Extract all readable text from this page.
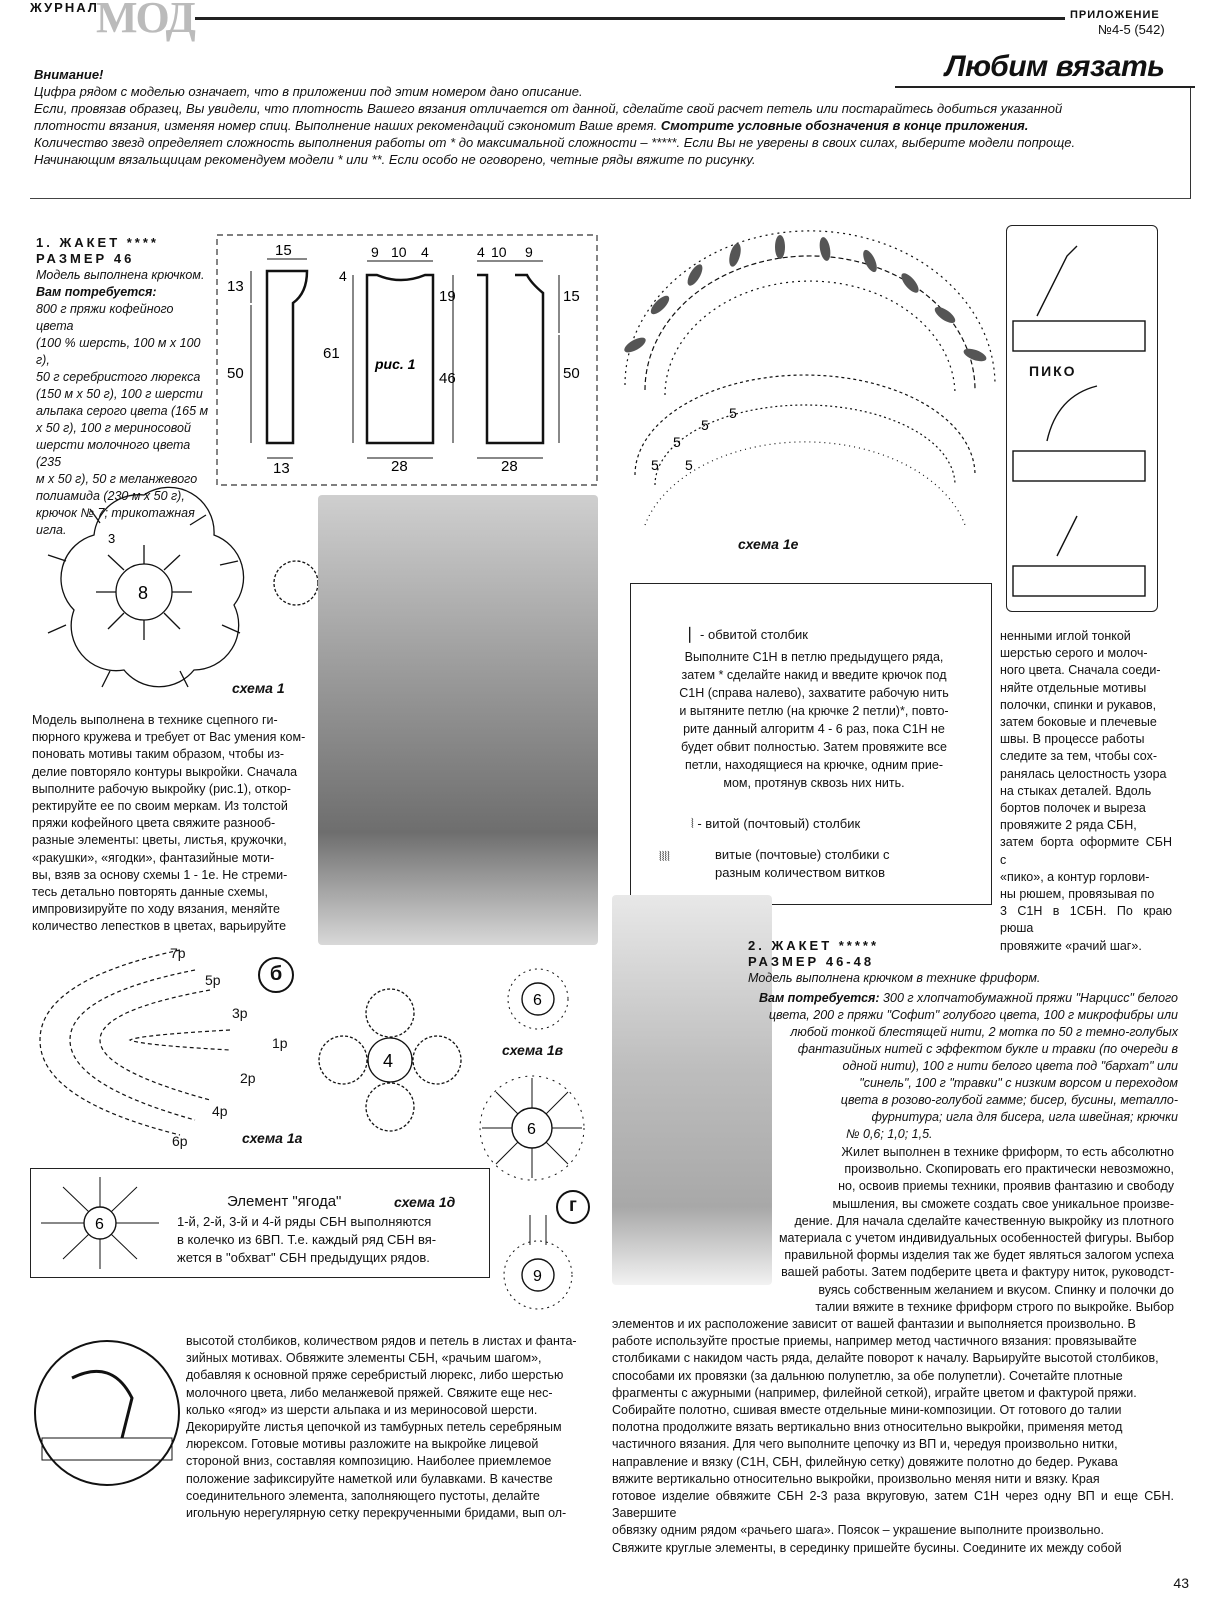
ЖУРНАЛ
МОД	ПРИЛОЖЕНИЕ
№4-5 (542)
Любим вязать
Внимание!
Цифра рядом с моделью означает, что в приложении под этим номером дано описание.
Если, провязав образец, Вы увидели, что плотность Вашего вязания отличается от данной, сделайте свой расчет петель или постарайтесь добиться указанной
плотности вязания, изменяя номер спиц. Выполнение наших рекомендаций сэкономит Ваше время. Смотрите условные обозначения в конце приложения.
Количество звезд определяет сложность выполнения работы от * до максимальной сложности – *****. Если Вы не уверены в своих силах, выберите модели попроще.
Начинающим вязальщицам рекомендуем модели * или **. Если особо не оговорено, четные ряды вяжите по рисунку.
1. ЖАКЕТ ****
РАЗМЕР 46
Модель выполнена крючком.
Вам потребуется:
800 г пряжи кофейного цвета
(100 % шерсть, 100 м х 100 г),
50 г серебристого люрекса
(150 м х 50 г), 100 г шерсти
альпака серого цвета (165 м
х 50 г), 100 г мериносовой
шерсти молочного цвета (235
м х 50 г), 50 г меланжевого
полиамида (230 м х 50 г),
крючок № 7; трикотажная
игла.
15
13
50
13
9 10 4
4
61
28
4 10 9
19	15
46	50
28
рис. 1
8
3
схема 1
Модель выполнена в технике сцепного ги-
пюрного кружева и требует от Вас умения ком-
поновать мотивы таким образом, чтобы из-
делие повторяло контуры выкройки. Сначала
выполните рабочую выкройку (рис.1), откор-
ректируйте ее по своим меркам. Из толстой
пряжи кофейного цвета свяжите разнооб-
разные элементы: цветы, листья, кружочки,
«ракушки», «ягодки», фантазийные моти-
вы, взяв за основу схемы 1 - 1е. Не стреми-
тесь детально повторять данные схемы,
импровизируйте по ходу вязания, меняйте
количество лепестков в цветах, варьируйте
5
5
5
5 5
схема 1е
ПИКО
❘ - обвитой столбик
Выполните С1Н в петлю предыдущего ряда,
затем * сделайте накид и введите крючок под
С1Н (справа налево), захватите рабочую нить
и вытяните петлю (на крючке 2 петли)*, повто-
рите данный алгоритм 4 - 6 раз, пока С1Н не
будет обвит полностью. Затем провяжите все
петли, находящиеся на крючке, одним прие-
мом, протянув сквозь них нить.
⦚ - витой (почтовый) столбик
⦚⦚⦚⦚	витые (почтовые) столбики с
разным количеством витков
ненными иглой тонкой
шерстью серого и молоч-
ного цвета. Сначала соеди-
няйте отдельные мотивы
полочки, спинки и рукавов,
затем боковые и плечевые
швы. В процессе работы
следите за тем, чтобы сох-
ранялась целостность узора
на стыках деталей. Вдоль
бортов полочек и выреза
провяжите 2 ряда СБН,
затем борта оформите СБН с
«пико», а контур горлови-
ны рюшем, провязывая по
3 С1Н в 1СБН. По краю рюша
провяжите «рачий шаг».
7р
5р
3р
1р
2р
4р
6р	схема 1а
б
4
6
схема 1в
6
6
Элемент "ягода"
1-й, 2-й, 3-й и 4-й ряды СБН выполняются
в колечко из 6ВП. Т.е. каждый ряд СБН вя-
жется в "обхват" СБН предыдущих рядов.
схема 1д	г
9
высотой столбиков, количеством рядов и петель в листах и фанта-
зийных мотивах. Обвяжите элементы СБН, «рачьим шагом»,
добавляя к основной пряже серебристый люрекс, либо шерстью
молочного цвета, либо меланжевой пряжей. Свяжите еще нес-
колько «ягод» из шерсти альпака и из мериносовой шерсти.
Декорируйте листья цепочкой из тамбурных петель серебряным
люрексом. Готовые мотивы разложите на выкройке лицевой
стороной вниз, составляя композицию. Наиболее приемлемое
положение зафиксируйте наметкой или булавками. В качестве
соединительного элемента, заполняющего пустоты, делайте
игольную нерегулярную сетку перекрученными бридами, вып ол-
2. ЖАКЕТ *****
РАЗМЕР 46-48
Модель выполнена крючком в технике фриформ.
Вам потребуется: 300 г хлопчатобумажной пряжи "Нарцисс" белого
цвета, 200 г пряжи "Софит" голубого цвета, 100 г микрофибры или
любой тонкой блестящей нити, 2 мотка по 50 г темно-голубых
фантазийных нитей с эффектом букле и травки (по очереди в
одной нити), 100 г нити белого цвета под "бархат" или
"синель", 100 г "травки" с низким ворсом и переходом
цвета в розово-голубой гамме; бисер, бусины, металло-
фурнитура; игла для бисера, игла швейная; крючки
№ 0,6; 1,0; 1,5.
Жилет выполнен в технике фриформ, то есть абсолютно
произвольно. Скопировать его практически невозможно,
но, освоив приемы техники, проявив фантазию и свободу
мышления, вы сможете создать свое уникальное произве-
дение. Для начала сделайте качественную выкройку из плотного
материала с учетом индивидуальных особенностей фигуры. Выбор
правильной формы изделия так же будет являться залогом успеха
вашей работы. Затем подберите цвета и фактуру ниток, руководст-
вуясь собственным желанием и вкусом. Спинку и полочки до
талии вяжите в технике фриформ строго по выкройке. Выбор
элементов и их расположение зависит от вашей фантазии и выполняется произвольно. В
работе используйте простые приемы, например метод частичного вязания: провязывайте
столбиками с накидом часть ряда, делайте поворот к началу. Варьируйте высотой столбиков,
способами их провязки (за дальнюю полупетлю, за обе полупетли). Сочетайте плотные
фрагменты с ажурными (например, филейной сеткой), играйте цветом и фактурой пряжи.
Собирайте полотно, сшивая вместе отдельные мини-композиции. От готового до талии
полотна продолжите вязать вертикально вниз относительно выкройки, применяя метод
частичного вязания. Для чего выполните цепочку из ВП и, чередуя произвольно нитки,
направление и вязку (С1Н, СБН, филейную сетку) довяжите полотно до бедер. Рукава
вяжите вертикально относительно выкройки, произвольно меняя нити и вязку. Края
готовое изделие обвяжите СБН 2-3 раза вкруговую, затем С1Н через одну ВП и еще СБН. Завершите
обвязку одним рядом «рачьего шага». Поясок – украшение выполните произвольно.
Свяжите круглые элементы, в серединку пришейте бусины. Соедините их между собой
43
